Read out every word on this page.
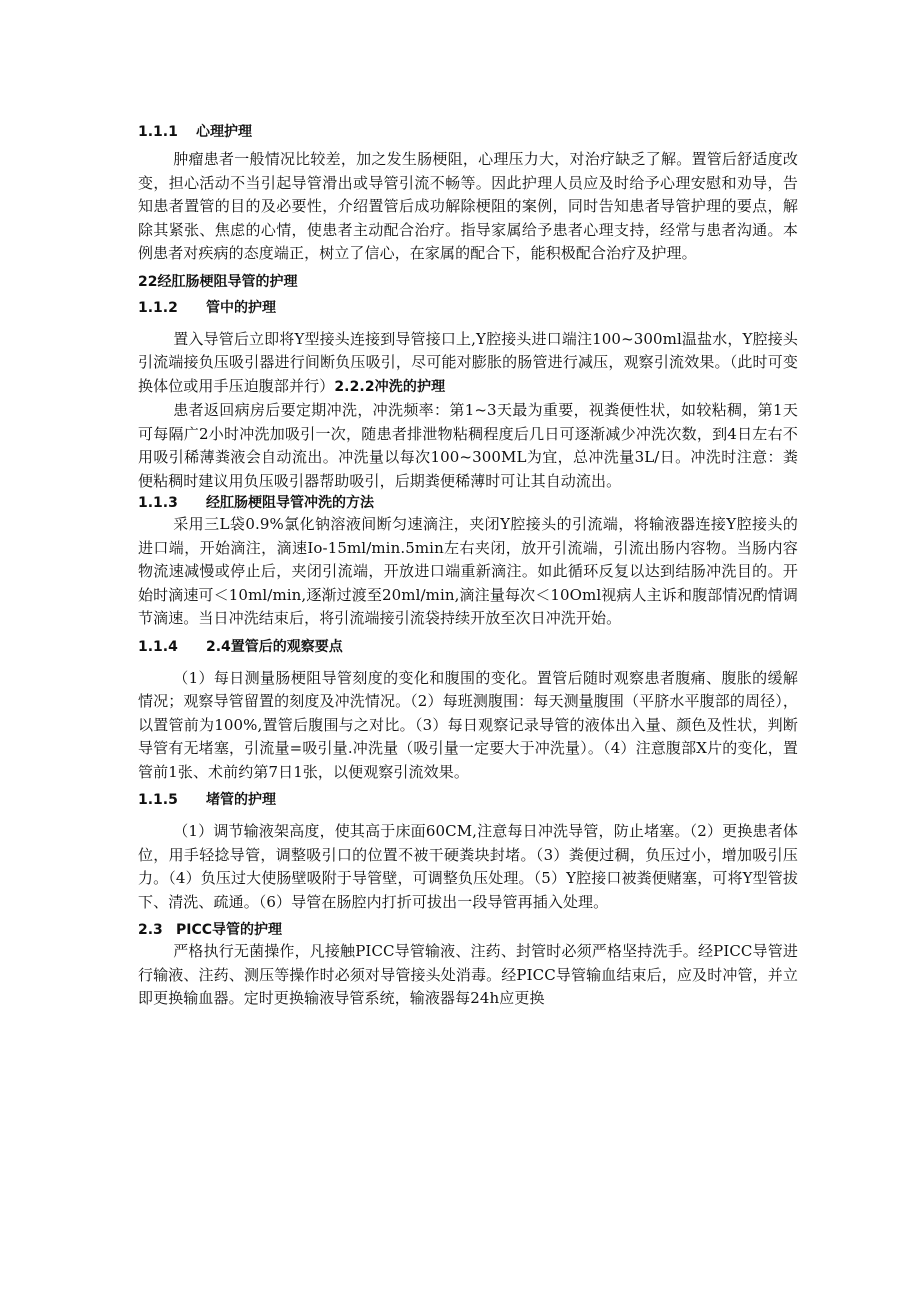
1.1.1 心理护理

肿瘤患者一般情况比较差，加之发生肠梗阻，心理压力大，对治疗缺乏了解。置管后舒适度改变，担心活动不当引起导管滑出或导管引流不畅等。因此护理人员应及时给予心理安慰和劝导，告知患者置管的目的及必要性，介绍置管后成功解除梗阻的案例，同时告知患者导管护理的要点，解除其紧张、焦虑的心情，使患者主动配合治疗。指导家属给予患者心理支持，经常与患者沟通。本例患者对疾病的态度端正，树立了信心，在家属的配合下，能积极配合治疗及护理。

22经肛肠梗阻导管的护理
1.1.2 管中的护理

置入导管后立即将Y型接头连接到导管接口上,Y腔接头进口端注100~300ml温盐水，Y腔接头引流端接负压吸引器进行间断负压吸引，尽可能对膨胀的肠管进行减压，观察引流效果。（此时可变换体位或用手压迫腹部并行）2.2.2冲洗的护理

患者返回病房后要定期冲洗，冲洗频率：第1~3天最为重要，视粪便性状，如较粘稠，第1天可每隔广2小时冲洗加吸引一次，随患者排泄物粘稠程度后几日可逐渐减少冲洗次数，到4日左右不用吸引稀薄粪液会自动流出。冲洗量以每次100~300ML为宜，总冲洗量3L/日。冲洗时注意：粪便粘稠时建议用负压吸引器帮助吸引，后期粪便稀薄时可让其自动流出。

1.1.3 经肛肠梗阻导管冲洗的方法

采用三L袋0.9%氯化钠溶液间断匀速滴注，夹闭Y腔接头的引流端，将输液器连接Y腔接头的进口端，开始滴注，滴速Io-15ml∕min.5min左右夹闭，放开引流端，引流出肠内容物。当肠内容物流速减慢或停止后，夹闭引流端，开放进口端重新滴注。如此循环反复以达到结肠冲洗目的。开始时滴速可＜10ml∕min,逐渐过渡至20ml∕min,滴注量每次＜10Oml视病人主诉和腹部情况酌情调节滴速。当日冲洗结束后，将引流端接引流袋持续开放至次日冲洗开始。

1.1.4 2.4置管后的观察要点

（1）每日测量肠梗阻导管刻度的变化和腹围的变化。置管后随时观察患者腹痛、腹胀的缓解情况；观察导管留置的刻度及冲洗情况。（2）每班测腹围：每天测量腹围（平脐水平腹部的周径），以置管前为100%,置管后腹围与之对比。（3）每日观察记录导管的液体出入量、颜色及性状，判断导管有无堵塞，引流量=吸引量.冲洗量（吸引量一定要大于冲洗量）。（4）注意腹部X片的变化，置管前1张、术前约第7日1张，以便观察引流效果。

1.1.5 堵管的护理

（1）调节输液架高度，使其高于床面60CM,注意每日冲洗导管，防止堵塞。（2）更换患者体位，用手轻捻导管，调整吸引口的位置不被干硬粪块封堵。（3）粪便过稠，负压过小，增加吸引压力。（4）负压过大使肠壁吸附于导管壁，可调整负压处理。（5）Y腔接口被粪便赌塞，可将Y型管拔下、清洗、疏通。（6）导管在肠腔内打折可拔出一段导管再插入处理。

2.3 PICC导管的护理

严格执行无菌操作，凡接触PICC导管输液、注药、封管时必须严格坚持洗手。经PICC导管进行输液、注药、测压等操作时必须对导管接头处消毒。经PICC导管输血结束后，应及时冲管，并立即更换输血器。定时更换输液导管系统，输液器每24h应更换
